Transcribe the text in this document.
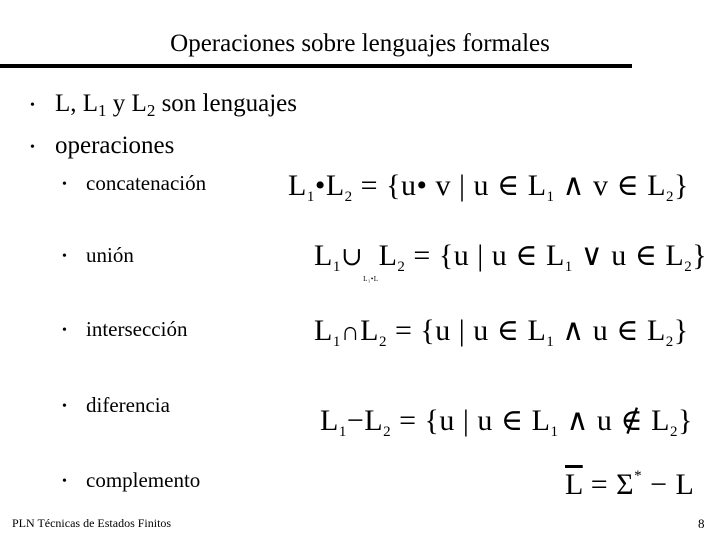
Operaciones sobre lenguajes formales
• L, $L_1$ y $L_2$ son lenguajes
• operaciones
• concatenación
• unión
• intersección
• diferencia
• complemento
$L_1•L_2$ = {u• v | u ∈ $L_1$ ∧ v ∈ $L_2$}
$L_1\cup_{L_1•L}L_2 = \{u$ | u ∈ $L_1$ ∨ u ∈ $L_2$}
$L_1\cap L_2 = \{u$ | u ∈ $L_1$ ∧ u ∈ $L_2$}
$L_1-L_2 = \{u$ | u ∈ $L_1$ ∧ u ∉ $L_2$}
$\overline{L} = \Sigma^* - L$
PLN Técnicas de Estados Finitos	8
